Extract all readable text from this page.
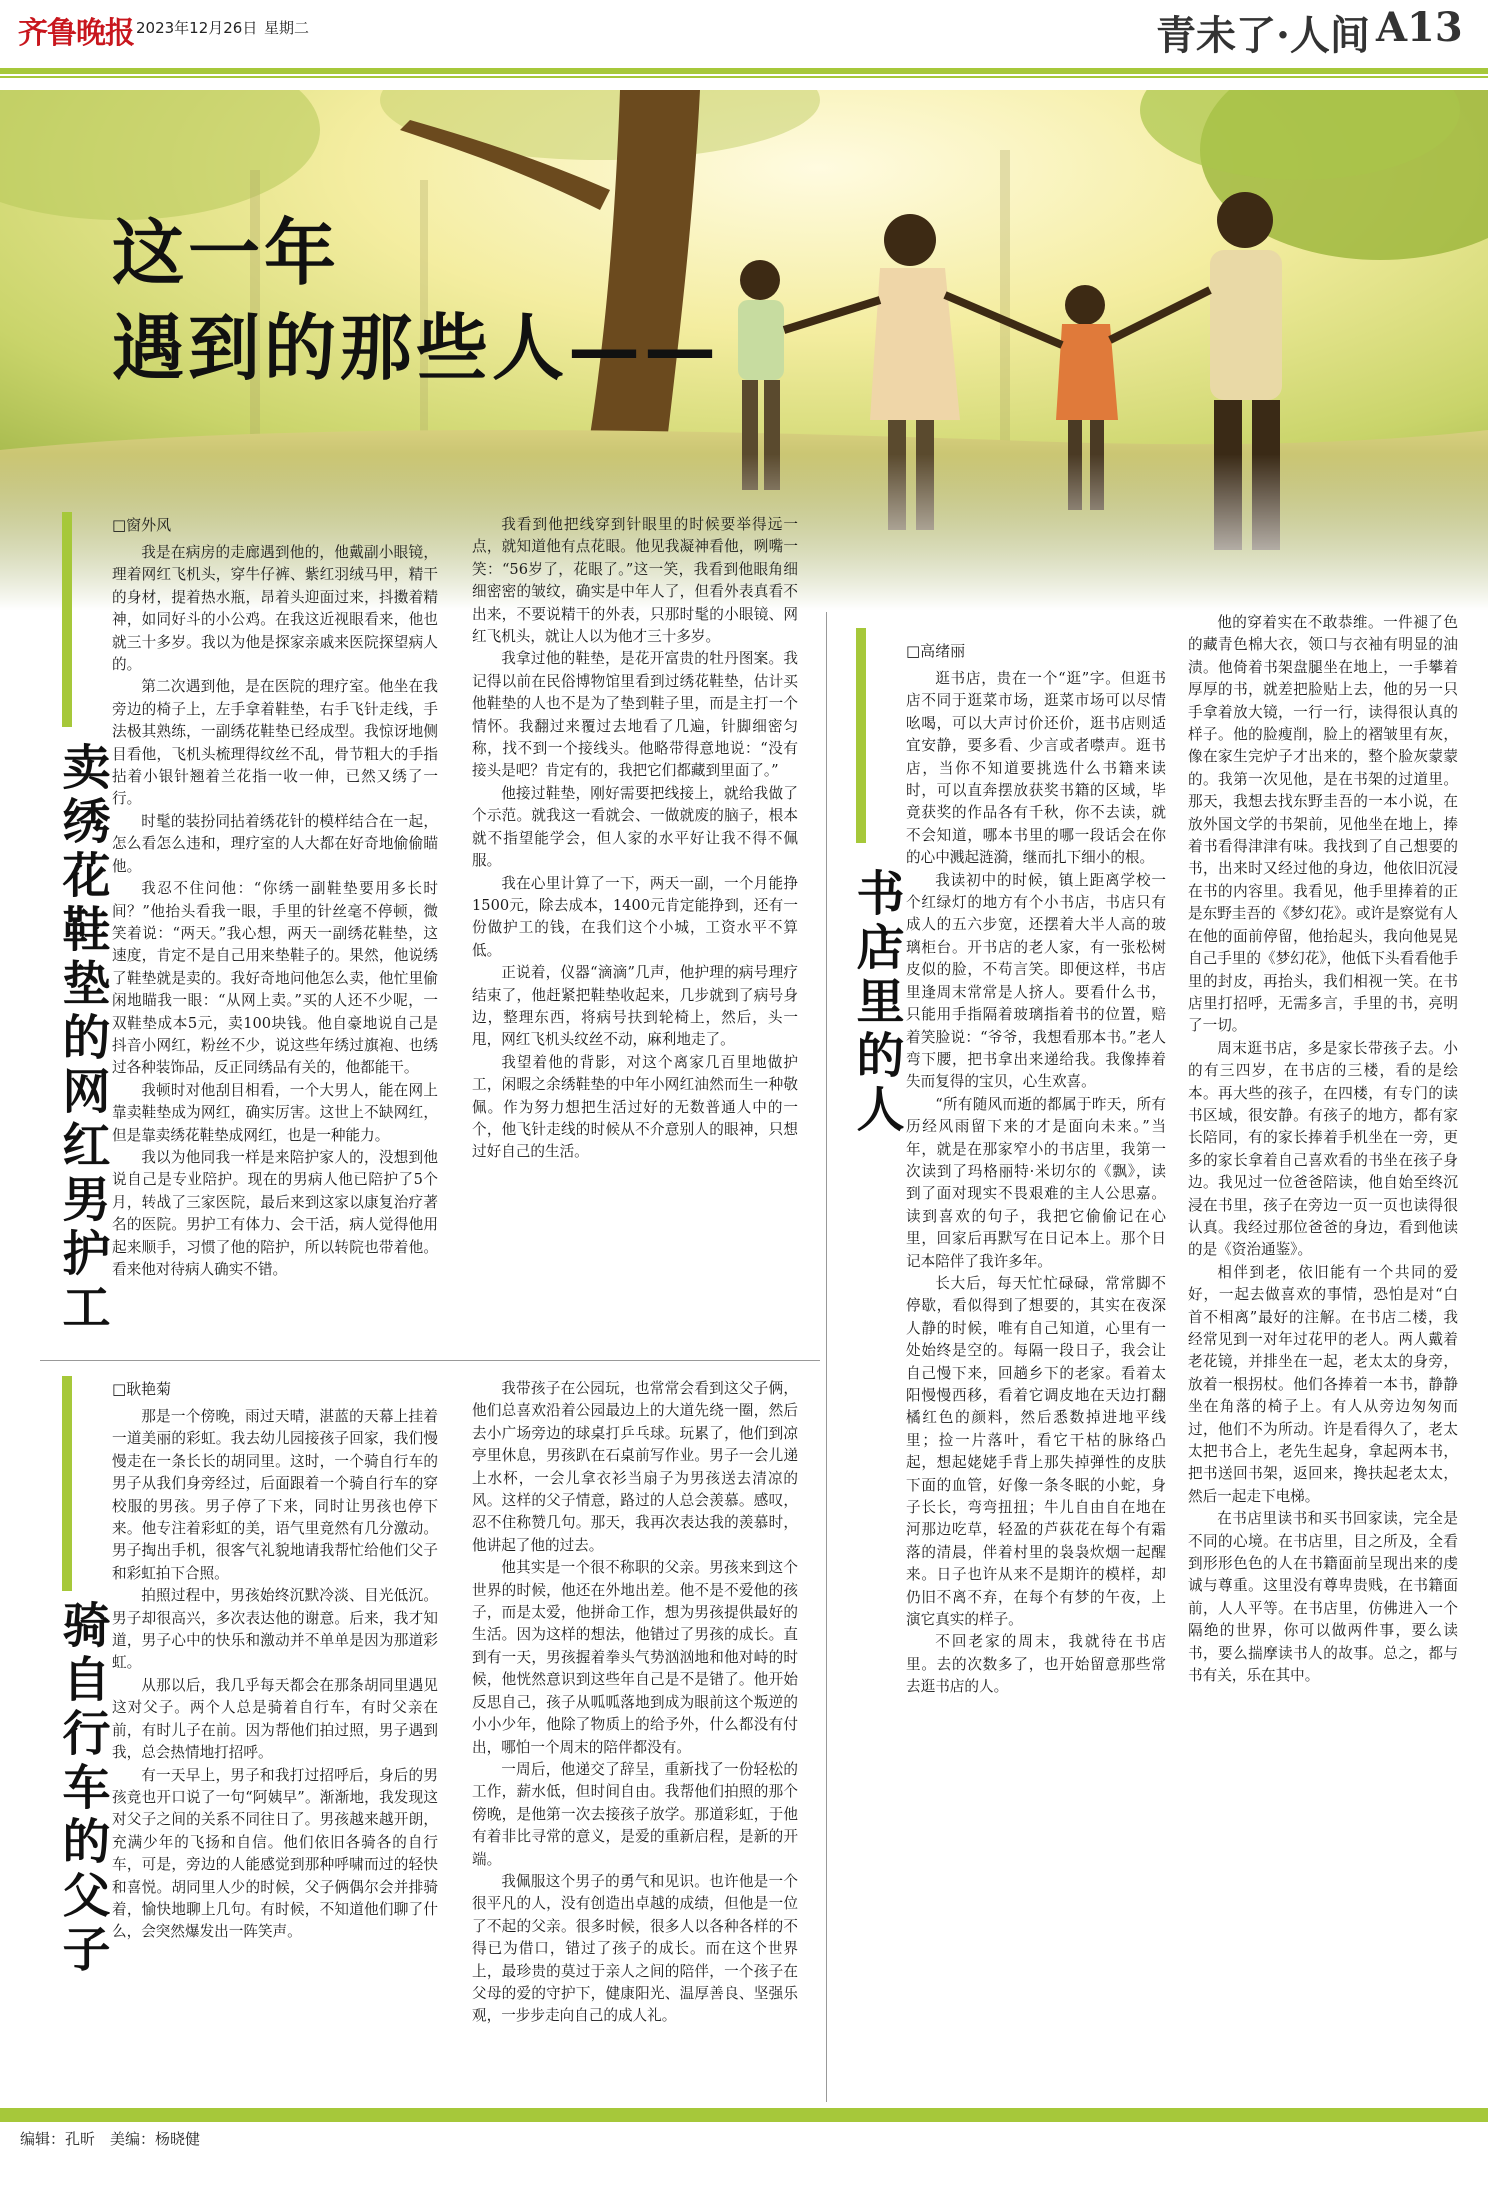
齐鲁晚报 2023年12月26日 星期二	青未了·人间 A13
这一年
遇到的那些人——
卖绣花鞋垫的网红男护工
□窗外风

我是在病房的走廊遇到他的，他戴副小眼镜，理着网红飞机头，穿牛仔裤、紫红羽绒马甲，精干的身材，提着热水瓶，昂着头迎面过来，抖擞着精神，如同好斗的小公鸡。在我这近视眼看来，他也就三十多岁。我以为他是探家亲戚来医院探望病人的。

第二次遇到他，是在医院的理疗室。他坐在我旁边的椅子上，左手拿着鞋垫，右手飞针走线，手法极其熟练，一副绣花鞋垫已经成型。我惊讶地侧目看他，飞机头梳理得纹丝不乱，骨节粗大的手指拈着小银针翘着兰花指一收一伸，已然又绣了一行。

时髦的装扮同拈着绣花针的模样结合在一起，怎么看怎么违和，理疗室的人大都在好奇地偷偷瞄他。

我忍不住问他：“你绣一副鞋垫要用多长时间？”他抬头看我一眼，手里的针丝毫不停顿，微笑着说：“两天。”我心想，两天一副绣花鞋垫，这速度，肯定不是自己用来垫鞋子的。果然，他说绣了鞋垫就是卖的。我好奇地问他怎么卖，他忙里偷闲地瞄我一眼：“从网上卖。”买的人还不少呢，一双鞋垫成本5元，卖100块钱。他自豪地说自己是抖音小网红，粉丝不少，说这些年绣过旗袍、也绣过各种装饰品，反正同绣品有关的，他都能干。

我顿时对他刮目相看，一个大男人，能在网上靠卖鞋垫成为网红，确实厉害。这世上不缺网红，但是靠卖绣花鞋垫成网红，也是一种能力。

我以为他同我一样是来陪护家人的，没想到他说自己是专业陪护。现在的男病人他已陪护了5个月，转战了三家医院，最后来到这家以康复治疗著名的医院。男护工有体力、会干活，病人觉得他用起来顺手，习惯了他的陪护，所以转院也带着他。看来他对待病人确实不错。

我看到他把线穿到针眼里的时候要举得远一点，就知道他有点花眼。他见我凝神看他，咧嘴一笑：“56岁了，花眼了。”这一笑，我看到他眼角细细密密的皱纹，确实是中年人了，但看外表真看不出来，不要说精干的外表，只那时髦的小眼镜、网红飞机头，就让人以为他才三十多岁。

我拿过他的鞋垫，是花开富贵的牡丹图案。我记得以前在民俗博物馆里看到过绣花鞋垫，估计买他鞋垫的人也不是为了垫到鞋子里，而是主打一个情怀。我翻过来覆过去地看了几遍，针脚细密匀称，找不到一个接线头。他略带得意地说：“没有接头是吧？肯定有的，我把它们都藏到里面了。”

他接过鞋垫，刚好需要把线接上，就给我做了个示范。就我这一看就会、一做就废的脑子，根本就不指望能学会，但人家的水平好让我不得不佩服。

我在心里计算了一下，两天一副，一个月能挣1500元，除去成本，1400元肯定能挣到，还有一份做护工的钱，在我们这个小城，工资水平不算低。

正说着，仪器“滴滴”几声，他护理的病号理疗结束了，他赶紧把鞋垫收起来，几步就到了病号身边，整理东西，将病号扶到轮椅上，然后，头一甩，网红飞机头纹丝不动，麻利地走了。

我望着他的背影，对这个离家几百里地做护工，闲暇之余绣鞋垫的中年小网红油然而生一种敬佩。作为努力想把生活过好的无数普通人中的一个，他飞针走线的时候从不介意别人的眼神，只想过好自己的生活。

骑自行车的父子
□耿艳菊

那是一个傍晚，雨过天晴，湛蓝的天幕上挂着一道美丽的彩虹。我去幼儿园接孩子回家，我们慢慢走在一条长长的胡同里。这时，一个骑自行车的男子从我们身旁经过，后面跟着一个骑自行车的穿校服的男孩。男子停了下来，同时让男孩也停下来。他专注着彩虹的美，语气里竟然有几分激动。男子掏出手机，很客气礼貌地请我帮忙给他们父子和彩虹拍下合照。

拍照过程中，男孩始终沉默冷淡、目光低沉。男子却很高兴，多次表达他的谢意。后来，我才知道，男子心中的快乐和激动并不单单是因为那道彩虹。

从那以后，我几乎每天都会在那条胡同里遇见这对父子。两个人总是骑着自行车，有时父亲在前，有时儿子在前。因为帮他们拍过照，男子遇到我，总会热情地打招呼。

有一天早上，男子和我打过招呼后，身后的男孩竟也开口说了一句“阿姨早”。渐渐地，我发现这对父子之间的关系不同往日了。男孩越来越开朗，充满少年的飞扬和自信。他们依旧各骑各的自行车，可是，旁边的人能感觉到那种呼啸而过的轻快和喜悦。胡同里人少的时候，父子俩偶尔会并排骑着，愉快地聊上几句。有时候，不知道他们聊了什么，会突然爆发出一阵笑声。

我带孩子在公园玩，也常常会看到这父子俩，他们总喜欢沿着公园最边上的大道先绕一圈，然后去小广场旁边的球桌打乒乓球。玩累了，他们到凉亭里休息，男孩趴在石桌前写作业。男子一会儿递上水杯，一会儿拿衣衫当扇子为男孩送去清凉的风。这样的父子情意，路过的人总会羡慕。感叹，忍不住称赞几句。那天，我再次表达我的羡慕时，他讲起了他的过去。

他其实是一个很不称职的父亲。男孩来到这个世界的时候，他还在外地出差。他不是不爱他的孩子，而是太爱，他拼命工作，想为男孩提供最好的生活。因为这样的想法，他错过了男孩的成长。直到有一天，男孩握着拳头气势汹汹地和他对峙的时候，他恍然意识到这些年自己是不是错了。他开始反思自己，孩子从呱呱落地到成为眼前这个叛逆的小小少年，他除了物质上的给予外，什么都没有付出，哪怕一个周末的陪伴都没有。

一周后，他递交了辞呈，重新找了一份轻松的工作，薪水低，但时间自由。我帮他们拍照的那个傍晚，是他第一次去接孩子放学。那道彩虹，于他有着非比寻常的意义，是爱的重新启程，是新的开端。

我佩服这个男子的勇气和见识。也许他是一个很平凡的人，没有创造出卓越的成绩，但他是一位了不起的父亲。很多时候，很多人以各种各样的不得已为借口，错过了孩子的成长。而在这个世界上，最珍贵的莫过于亲人之间的陪伴，一个孩子在父母的爱的守护下，健康阳光、温厚善良、坚强乐观，一步步走向自己的成人礼。

书店里的人
□高绪丽

逛书店，贵在一个“逛”字。但逛书店不同于逛菜市场，逛菜市场可以尽情吆喝，可以大声讨价还价，逛书店则适宜安静，要多看、少言或者噤声。逛书店，当你不知道要挑选什么书籍来读时，可以直奔摆放获奖书籍的区域，毕竟获奖的作品各有千秋，你不去读，就不会知道，哪本书里的哪一段话会在你的心中溅起涟漪，继而扎下细小的根。

我读初中的时候，镇上距离学校一个红绿灯的地方有个小书店，书店只有成人的五六步宽，还摆着大半人高的玻璃柜台。开书店的老人家，有一张松树皮似的脸，不苟言笑。即便这样，书店里逢周末常常是人挤人。要看什么书，只能用手指隔着玻璃指着书的位置，赔着笑脸说：“爷爷，我想看那本书。”老人弯下腰，把书拿出来递给我。我像捧着失而复得的宝贝，心生欢喜。

“所有随风而逝的都属于昨天，所有历经风雨留下来的才是面向未来。”当年，就是在那家窄小的书店里，我第一次读到了玛格丽特·米切尔的《飘》，读到了面对现实不畏艰难的主人公思嘉。读到喜欢的句子，我把它偷偷记在心里，回家后再默写在日记本上。那个日记本陪伴了我许多年。

长大后，每天忙忙碌碌，常常脚不停歇，看似得到了想要的，其实在夜深人静的时候，唯有自己知道，心里有一处始终是空的。每隔一段日子，我会让自己慢下来，回趟乡下的老家。看着太阳慢慢西移，看着它调皮地在天边打翻橘红色的颜料，然后悉数掉进地平线里；捡一片落叶，看它干枯的脉络凸起，想起姥姥手背上那失掉弹性的皮肤下面的血管，好像一条冬眠的小蛇，身子长长，弯弯扭扭；牛儿自由自在地在河那边吃草，轻盈的芦荻花在每个有霜落的清晨，伴着村里的袅袅炊烟一起醒来。日子也许从来不是期许的模样，却仍旧不离不弃，在每个有梦的午夜，上演它真实的样子。

不回老家的周末，我就待在书店里。去的次数多了，也开始留意那些常去逛书店的人。

他的穿着实在不敢恭维。一件褪了色的藏青色棉大衣，领口与衣袖有明显的油渍。他倚着书架盘腿坐在地上，一手攀着厚厚的书，就差把脸贴上去，他的另一只手拿着放大镜，一行一行，读得很认真的样子。他的脸瘦削，脸上的褶皱里有灰，像在家生完炉子才出来的，整个脸灰蒙蒙的。我第一次见他，是在书架的过道里。那天，我想去找东野圭吾的一本小说，在放外国文学的书架前，见他坐在地上，捧着书看得津津有味。我找到了自己想要的书，出来时又经过他的身边，他依旧沉浸在书的内容里。我看见，他手里捧着的正是东野圭吾的《梦幻花》。或许是察觉有人在他的面前停留，他抬起头，我向他晃晃自己手里的《梦幻花》，他低下头看看他手里的封皮，再抬头，我们相视一笑。在书店里打招呼，无需多言，手里的书，亮明了一切。

周末逛书店，多是家长带孩子去。小的有三四岁，在书店的三楼，看的是绘本。再大些的孩子，在四楼，有专门的读书区域，很安静。有孩子的地方，都有家长陪同，有的家长捧着手机坐在一旁，更多的家长拿着自己喜欢看的书坐在孩子身边。我见过一位爸爸陪读，他自始至终沉浸在书里，孩子在旁边一页一页也读得很认真。我经过那位爸爸的身边，看到他读的是《资治通鉴》。

相伴到老，依旧能有一个共同的爱好，一起去做喜欢的事情，恐怕是对“白首不相离”最好的注解。在书店二楼，我经常见到一对年过花甲的老人。两人戴着老花镜，并排坐在一起，老太太的身旁，放着一根拐杖。他们各捧着一本书，静静坐在角落的椅子上。有人从旁边匆匆而过，他们不为所动。许是看得久了，老太太把书合上，老先生起身，拿起两本书，把书送回书架，返回来，搀扶起老太太，然后一起走下电梯。

在书店里读书和买书回家读，完全是不同的心境。在书店里，目之所及，全看到形形色色的人在书籍面前呈现出来的虔诚与尊重。这里没有尊卑贵贱，在书籍面前，人人平等。在书店里，仿佛进入一个隔绝的世界，你可以做两件事，要么读书，要么揣摩读书人的故事。总之，都与书有关，乐在其中。

编辑：孔昕　美编：杨晓健
